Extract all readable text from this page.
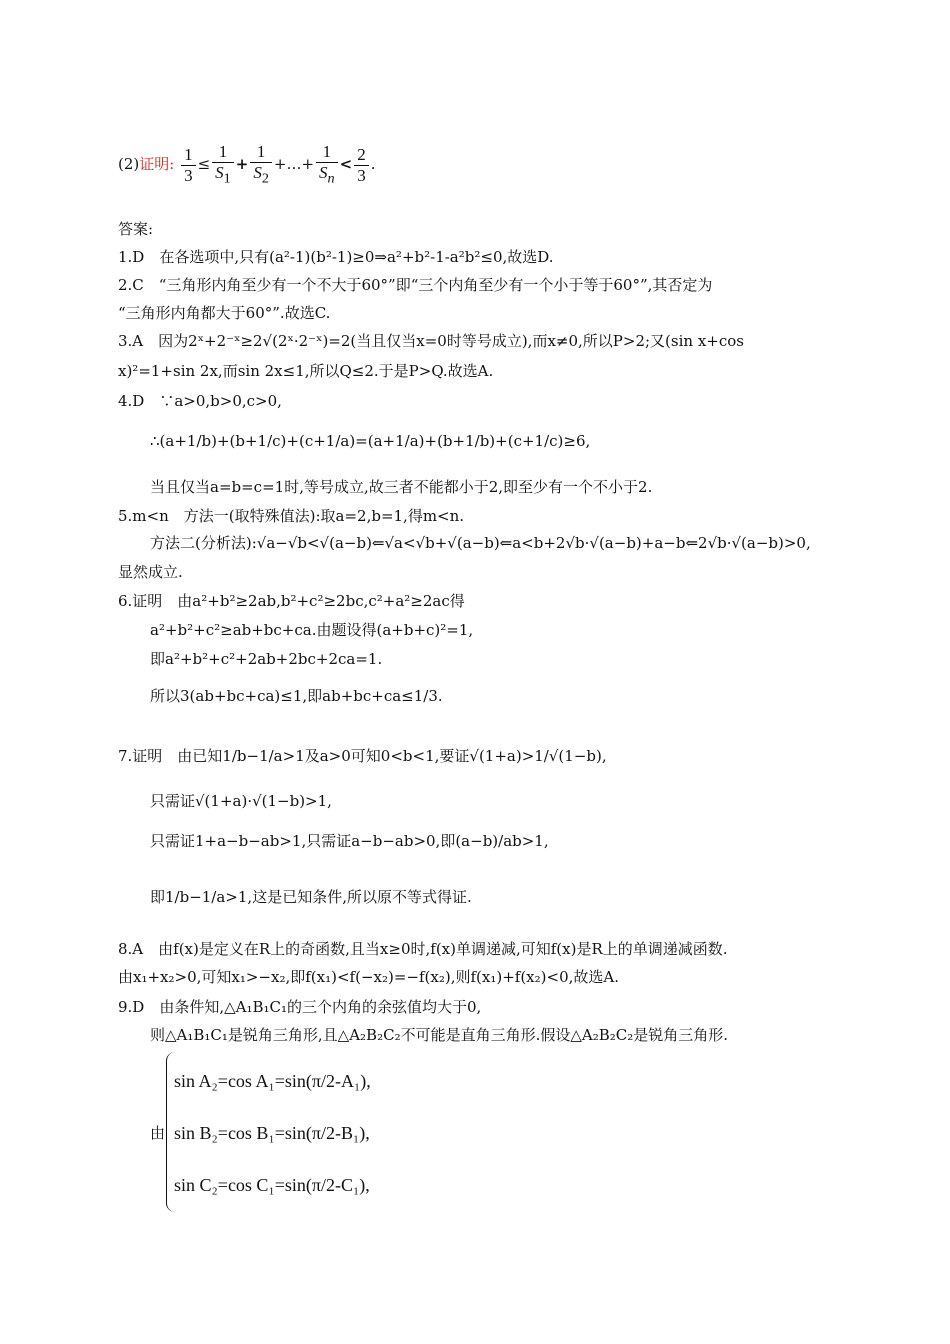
(2)证明: $\frac{1}{3} \le \frac{1}{S_1} + \frac{1}{S_2}$ +…+ $\frac{1}{S_n} < \frac{2}{3}$ .
答案:
1.D　在各选项中,只有(a²-1)(b²-1)≥0⇒a²+b²-1-a²b²≤0,故选D.
2.C　“三角形内角至少有一个不大于60°”即“三个内角至少有一个小于等于60°”,其否定为
“三角形内角都大于60°”.故选C.
3.A　因为2ˣ+2⁻ˣ≥2√(2ˣ·2⁻ˣ)=2(当且仅当x=0时等号成立),而x≠0,所以P>2;又(sin x+cos
x)²=1+sin 2x,而sin 2x≤1,所以Q≤2.于是P>Q.故选A.
4.D　∵a>0,b>0,c>0,
∴(a+1/b)+(b+1/c)+(c+1/a)=(a+1/a)+(b+1/b)+(c+1/c)≥6,
当且仅当a=b=c=1时,等号成立,故三者不能都小于2,即至少有一个不小于2.
5.m<n　方法一(取特殊值法):取a=2,b=1,得m<n.
方法二(分析法):√a−√b<√(a−b)⇐√a<√b+√(a−b)⇐a<b+2√b·√(a−b)+a−b⇐2√b·√(a−b)>0,
显然成立.
6.证明　由a²+b²≥2ab,b²+c²≥2bc,c²+a²≥2ac得
a²+b²+c²≥ab+bc+ca.由题设得(a+b+c)²=1,
即a²+b²+c²+2ab+2bc+2ca=1.
所以3(ab+bc+ca)≤1,即ab+bc+ca≤1/3.
7.证明　由已知1/b−1/a>1及a>0可知0<b<1,要证√(1+a)>1/√(1−b),
只需证√(1+a)·√(1−b)>1,
只需证1+a−b−ab>1,只需证a−b−ab>0,即(a−b)/ab>1,
即1/b−1/a>1,这是已知条件,所以原不等式得证.
8.A　由f(x)是定义在R上的奇函数,且当x≥0时,f(x)单调递减,可知f(x)是R上的单调递减函数.
由x₁+x₂>0,可知x₁>−x₂,即f(x₁)<f(−x₂)=−f(x₂),则f(x₁)+f(x₂)<0,故选A.
9.D　由条件知,△A₁B₁C₁的三个内角的余弦值均大于0,
则△A₁B₁C₁是锐角三角形,且△A₂B₂C₂不可能是直角三角形.假设△A₂B₂C₂是锐角三角形.
由
sin A₂=cos A₁=sin(π/2-A₁),
sin B₂=cos B₁=sin(π/2-B₁),
sin C₂=cos C₁=sin(π/2-C₁),
